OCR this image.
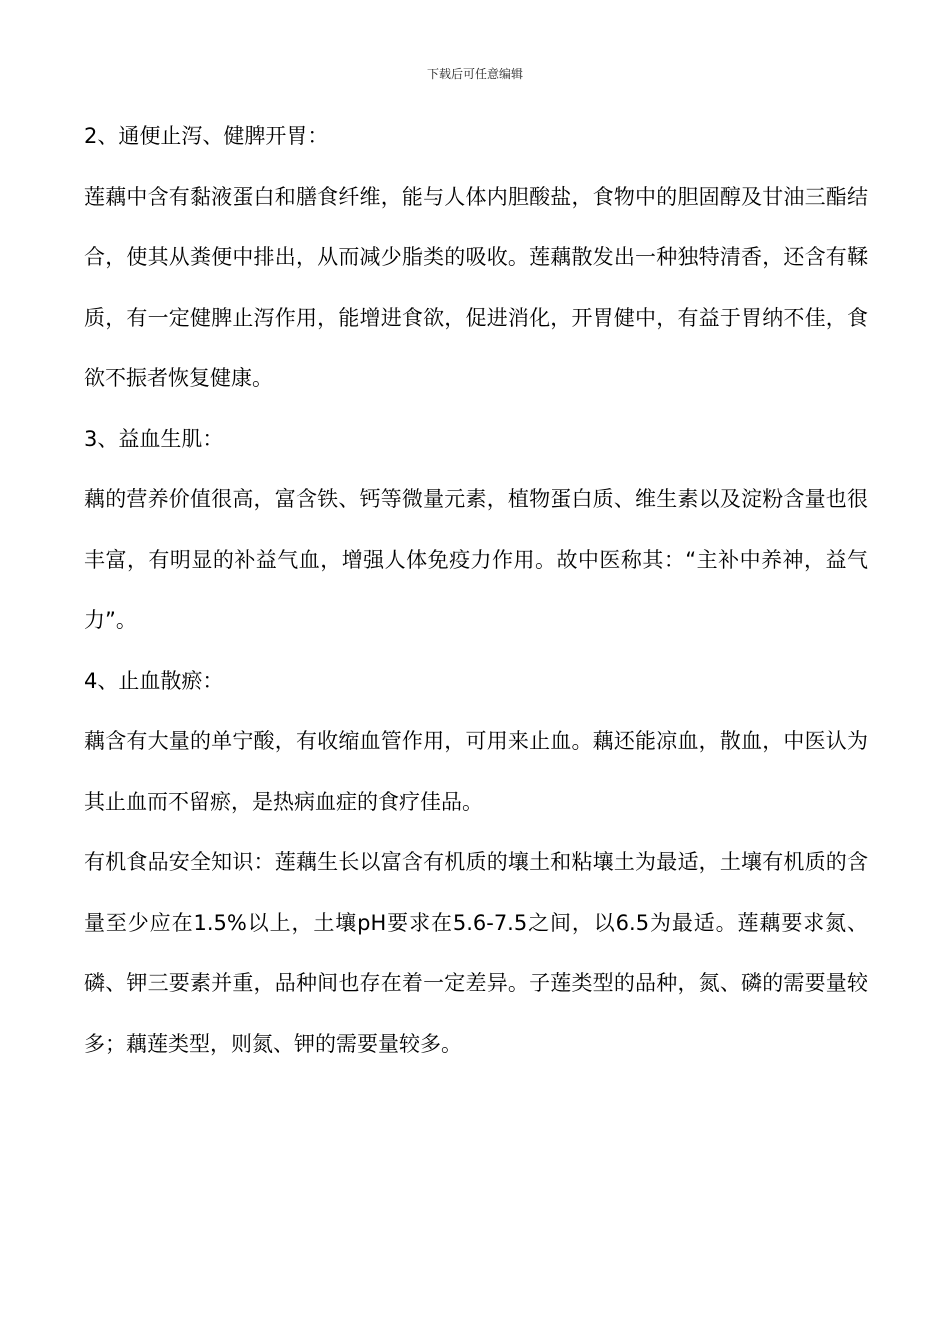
下载后可任意编辑

2、通便止泻、健脾开胃：

莲藕中含有黏液蛋白和膳食纤维，能与人体内胆酸盐，食物中的胆固醇及甘油三酯结合，使其从粪便中排出，从而减少脂类的吸收。莲藕散发出一种独特清香，还含有鞣质，有一定健脾止泻作用，能增进食欲，促进消化，开胃健中，有益于胃纳不佳，食欲不振者恢复健康。

3、益血生肌：

藕的营养价值很高，富含铁、钙等微量元素，植物蛋白质、维生素以及淀粉含量也很丰富，有明显的补益气血，增强人体免疫力作用。故中医称其：“主补中养神，益气力”。

4、止血散瘀：

藕含有大量的单宁酸，有收缩血管作用，可用来止血。藕还能凉血，散血，中医认为其止血而不留瘀，是热病血症的食疗佳品。

有机食品安全知识：莲藕生长以富含有机质的壤土和粘壤土为最适，土壤有机质的含量至少应在1.5%以上，土壤pH要求在5.6-7.5之间，以6.5为最适。莲藕要求氮、磷、钾三要素并重，品种间也存在着一定差异。子莲类型的品种，氮、磷的需要量较多；藕莲类型，则氮、钾的需要量较多。
